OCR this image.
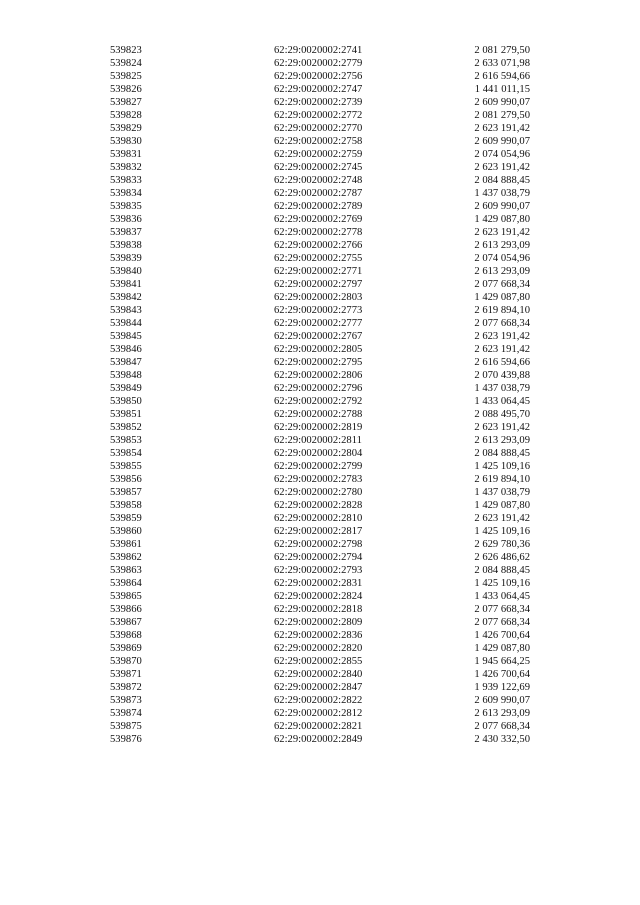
539823	62:29:0020002:2741	2 081 279,50
539824	62:29:0020002:2779	2 633 071,98
539825	62:29:0020002:2756	2 616 594,66
539826	62:29:0020002:2747	1 441 011,15
539827	62:29:0020002:2739	2 609 990,07
539828	62:29:0020002:2772	2 081 279,50
539829	62:29:0020002:2770	2 623 191,42
539830	62:29:0020002:2758	2 609 990,07
539831	62:29:0020002:2759	2 074 054,96
539832	62:29:0020002:2745	2 623 191,42
539833	62:29:0020002:2748	2 084 888,45
539834	62:29:0020002:2787	1 437 038,79
539835	62:29:0020002:2789	2 609 990,07
539836	62:29:0020002:2769	1 429 087,80
539837	62:29:0020002:2778	2 623 191,42
539838	62:29:0020002:2766	2 613 293,09
539839	62:29:0020002:2755	2 074 054,96
539840	62:29:0020002:2771	2 613 293,09
539841	62:29:0020002:2797	2 077 668,34
539842	62:29:0020002:2803	1 429 087,80
539843	62:29:0020002:2773	2 619 894,10
539844	62:29:0020002:2777	2 077 668,34
539845	62:29:0020002:2767	2 623 191,42
539846	62:29:0020002:2805	2 623 191,42
539847	62:29:0020002:2795	2 616 594,66
539848	62:29:0020002:2806	2 070 439,88
539849	62:29:0020002:2796	1 437 038,79
539850	62:29:0020002:2792	1 433 064,45
539851	62:29:0020002:2788	2 088 495,70
539852	62:29:0020002:2819	2 623 191,42
539853	62:29:0020002:2811	2 613 293,09
539854	62:29:0020002:2804	2 084 888,45
539855	62:29:0020002:2799	1 425 109,16
539856	62:29:0020002:2783	2 619 894,10
539857	62:29:0020002:2780	1 437 038,79
539858	62:29:0020002:2828	1 429 087,80
539859	62:29:0020002:2810	2 623 191,42
539860	62:29:0020002:2817	1 425 109,16
539861	62:29:0020002:2798	2 629 780,36
539862	62:29:0020002:2794	2 626 486,62
539863	62:29:0020002:2793	2 084 888,45
539864	62:29:0020002:2831	1 425 109,16
539865	62:29:0020002:2824	1 433 064,45
539866	62:29:0020002:2818	2 077 668,34
539867	62:29:0020002:2809	2 077 668,34
539868	62:29:0020002:2836	1 426 700,64
539869	62:29:0020002:2820	1 429 087,80
539870	62:29:0020002:2855	1 945 664,25
539871	62:29:0020002:2840	1 426 700,64
539872	62:29:0020002:2847	1 939 122,69
539873	62:29:0020002:2822	2 609 990,07
539874	62:29:0020002:2812	2 613 293,09
539875	62:29:0020002:2821	2 077 668,34
539876	62:29:0020002:2849	2 430 332,50
